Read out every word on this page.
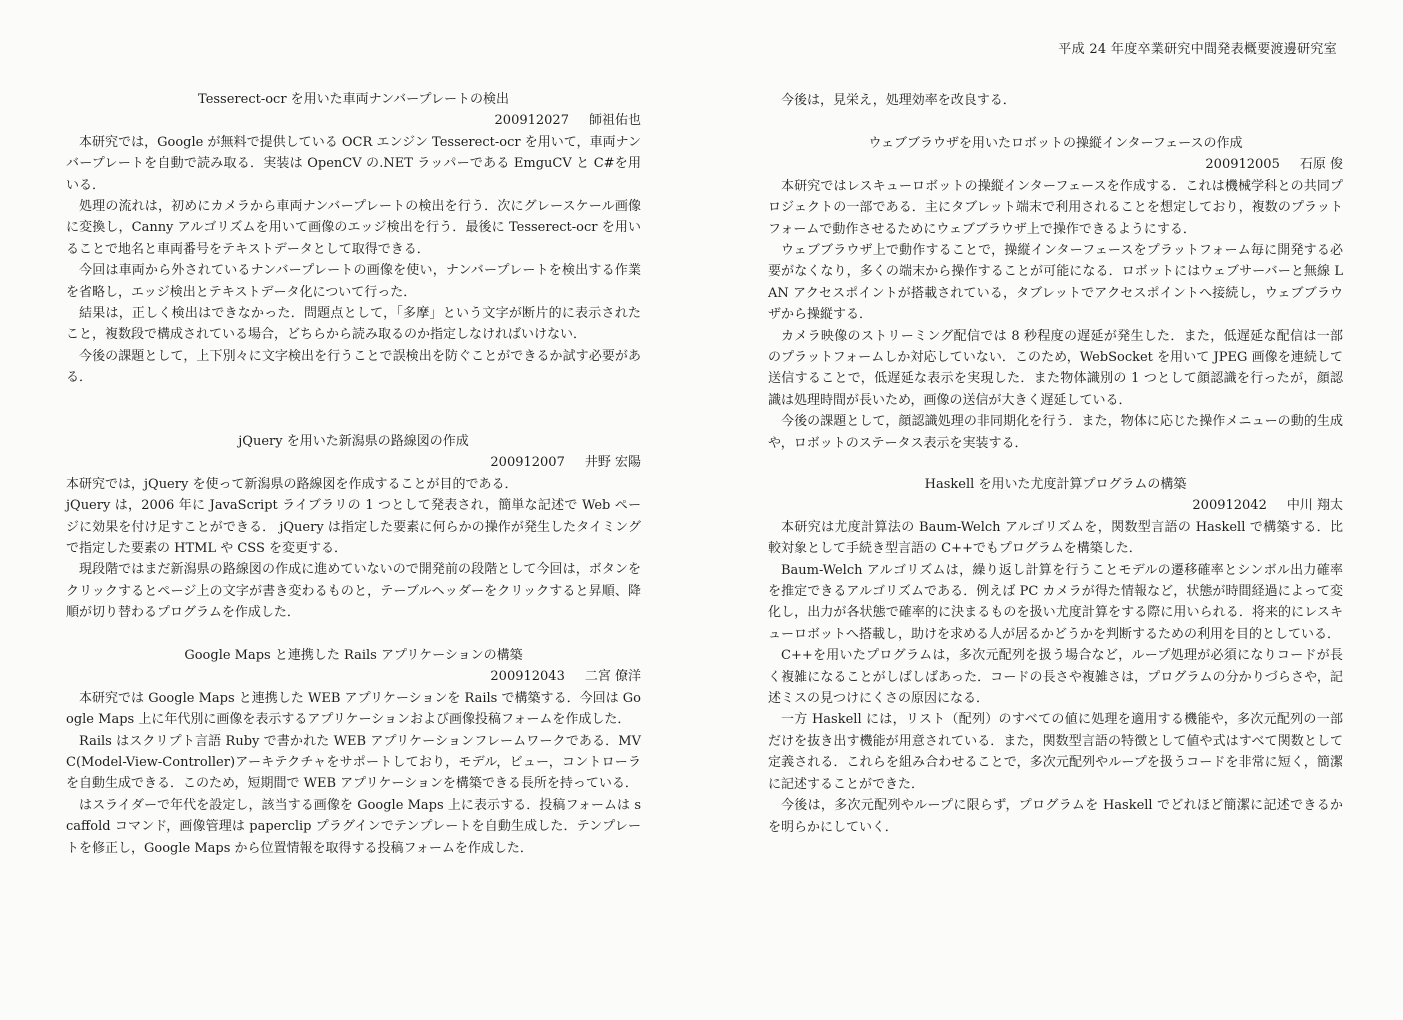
平成 24 年度卒業研究中間発表概要渡邊研究室
Tesserect-ocr を用いた車両ナンバープレートの検出
200912027 師祖佑也

本研究では，Google が無料で提供している OCR エンジン Tesserect-ocr を用いて，車両ナンバープレートを自動で読み取る．実装は OpenCV の.NET ラッパーである EmguCV と C#を用いる．

処理の流れは，初めにカメラから車両ナンバープレートの検出を行う．次にグレースケール画像に変換し，Canny アルゴリズムを用いて画像のエッジ検出を行う．最後に Tesserect-ocr を用いることで地名と車両番号をテキストデータとして取得できる．

今回は車両から外されているナンバープレートの画像を使い，ナンバープレートを検出する作業を省略し，エッジ検出とテキストデータ化について行った．

結果は，正しく検出はできなかった．問題点として，「多摩」という文字が断片的に表示されたこと，複数段で構成されている場合，どちらから読み取るのか指定しなければいけない．

今後の課題として，上下別々に文字検出を行うことで誤検出を防ぐことができるか試す必要がある．

jQuery を用いた新潟県の路線図の作成
200912007 井野 宏陽

本研究では，jQuery を使って新潟県の路線図を作成することが目的である．

jQuery は，2006 年に JavaScript ライブラリの 1 つとして発表され，簡単な記述で Web ページに効果を付け足すことができる． jQuery は指定した要素に何らかの操作が発生したタイミングで指定した要素の HTML や CSS を変更する．

現段階ではまだ新潟県の路線図の作成に進めていないので開発前の段階として今回は，ボタンをクリックするとページ上の文字が書き変わるものと，テーブルヘッダーをクリックすると昇順、降順が切り替わるプログラムを作成した．

Google Maps と連携した Rails アプリケーションの構築
200912043 二宮 僚洋

本研究では Google Maps と連携した WEB アプリケーションを Rails で構築する．今回は Google Maps 上に年代別に画像を表示するアプリケーションおよび画像投稿フォームを作成した．

Rails はスクリプト言語 Ruby で書かれた WEB アプリケーションフレームワークである．MVC(Model-View-Controller)アーキテクチャをサポートしており，モデル，ビュー，コントローラを自動生成できる．このため，短期間で WEB アプリケーションを構築できる長所を持っている．

はスライダーで年代を設定し，該当する画像を Google Maps 上に表示する．投稿フォームは scaffold コマンド，画像管理は paperclip プラグインでテンプレートを自動生成した．テンプレートを修正し，Google Maps から位置情報を取得する投稿フォームを作成した．

今後は，見栄え，処理効率を改良する．

ウェブブラウザを用いたロボットの操縦インターフェースの作成
200912005 石原 俊

本研究ではレスキューロボットの操縦インターフェースを作成する．これは機械学科との共同プロジェクトの一部である．主にタブレット端末で利用されることを想定しており，複数のプラットフォームで動作させるためにウェブブラウザ上で操作できるようにする．

ウェブブラウザ上で動作することで，操縦インターフェースをプラットフォーム毎に開発する必要がなくなり，多くの端末から操作することが可能になる．ロボットにはウェブサーバーと無線 LAN アクセスポイントが搭載されている，タブレットでアクセスポイントへ接続し，ウェブブラウザから操縦する．

カメラ映像のストリーミング配信では 8 秒程度の遅延が発生した．また，低遅延な配信は一部のプラットフォームしか対応していない．このため，WebSocket を用いて JPEG 画像を連続して送信することで，低遅延な表示を実現した．また物体識別の 1 つとして顔認識を行ったが，顔認識は処理時間が長いため，画像の送信が大きく遅延している．

今後の課題として，顔認識処理の非同期化を行う．また，物体に応じた操作メニューの動的生成や，ロボットのステータス表示を実装する．

Haskell を用いた尤度計算プログラムの構築
200912042 中川 翔太

本研究は尤度計算法の Baum-Welch アルゴリズムを，関数型言語の Haskell で構築する．比較対象として手続き型言語の C++でもプログラムを構築した．

Baum-Welch アルゴリズムは，繰り返し計算を行うことモデルの遷移確率とシンボル出力確率を推定できるアルゴリズムである．例えば PC カメラが得た情報など，状態が時間経過によって変化し，出力が各状態で確率的に決まるものを扱い尤度計算をする際に用いられる．将来的にレスキューロボットへ搭載し，助けを求める人が居るかどうかを判断するための利用を目的としている．

C++を用いたプログラムは，多次元配列を扱う場合など，ループ処理が必須になりコードが長く複雑になることがしばしばあった．コードの長さや複雑さは，プログラムの分かりづらさや，記述ミスの見つけにくさの原因になる．

一方 Haskell には，リスト（配列）のすべての値に処理を適用する機能や，多次元配列の一部だけを抜き出す機能が用意されている．また，関数型言語の特徴として値や式はすべて関数として定義される．これらを組み合わせることで，多次元配列やループを扱うコードを非常に短く，簡潔に記述することができた．

今後は，多次元配列やループに限らず，プログラムを Haskell でどれほど簡潔に記述できるかを明らかにしていく．
